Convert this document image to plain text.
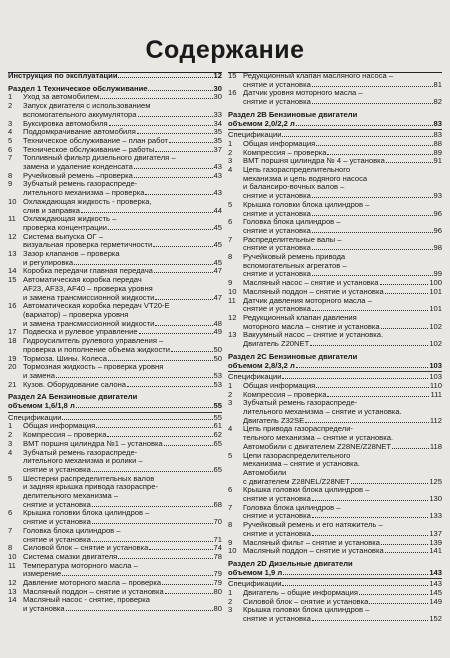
Содержание
Инструкция по эксплуатации	12
Раздел 1 Техническое обслуживание	30
1	Уход за автомобилем	30
2	Запуск двигателя с использованием
вспомогательного аккумулятора	33
3	Буксировка автомобиля	34
4	Поддомкрачивание автомобиля	35
5	Техническое обслуживание – план работ	35
6	Техническое обслуживание – работы	37
7	Топливный фильтр дизельного двигателя –
замена и удаление конденсата	43
8	Ручейковый ремень –проверка	43
9	Зубчатый ремень газораспреде-
лительного механизма – проверка	43
10 Охлаждающая жидкость - проверка,
слив и заправка	44
11 Охлаждающая жидкость –
проверка концентрации	45
12 Система выпуска ОГ –
визуальная проверка герметичности	45
13 Зазор клапанов – проверка
и регулировка	45
14 Коробка передачи главная передача	47
15 Автоматическая коробка передач
AF23, AF33, AF40 – проверка уровня
и замена трансмиссионной жидкости	47
16 Автоматическая коробка передач VT20-E
(вариатор) – проверка уровня
и замена трансмиссионной жидкости	48
17 Подвеска и рулевое управление	49
18 Гидроусилитель рулевого управления –
проверка и пополнение объема жидкости	50
19 Тормоза. Шины. Колеса	50
20 Тормозная жидкость – проверка уровня
и замена	53
21 Кузов. Оборудование салона	53
Раздел 2А Бензиновые двигатели
объемом 1,6/1,8 л	55
Спецификации	55
1	Общая информация	61
2	Компрессия – проверка	62
3	ВМТ поршня цилиндра №1 – установка	65
4	Зубчатый ремень газораспреде-
лительного механизма и ролики –
снятие и установка	65
5	Шестерни распределительных валов
и задняя крышка привода газораспре-
делительного механизма –
снятие и установка	68
6	Крышка головки блока цилиндров –
снятие и установка	70
7	Головка блока цилиндров –
снятие и установка	71
8	Силовой блок – снятие и установка	74
10 Система смазки двигателя	78
11 Температура моторного масла –
измерение	79
12 Давление моторного масла – проверка	79
13 Масляный поддон – снятие и установка	80
14 Масляный насос - снятие, проверка
и установка	80
15 Редукционный клапан масляного насоса –
снятие и установка	81
16 Датчик уровня моторного масла –
снятие и установка	82
Раздел 2В Бензиновые двигатели
объемом 2,0/2,2 л	83
Спецификации	83
1	Общая информация	88
2	Компрессия – проверка	89
3	ВМТ поршня цилиндра № 4 – установка	91
4	Цепь газораспределительного
механизма и цепь водяного насоса
и балансиро-вочных валов –
снятие и установка	93
5	Крышка головки блока цилиндров –
снятие и установка	96
6	Головка блока цилиндров –
снятие и установка	96
7	Распределительные валы –
снятие и установка	98
8	Ручейковый ремень привода
вспомогательных агрегатов –
снятие и установка	99
9	Масляный насос – снятие и установка	100
10 Масляный поддон – снятие и установка	101
11 Датчик давления моторного масла –
снятие и установка	101
12 Редукционный клапан давления
моторного масла – снятие и установка	102
13 Вакуумный насос – снятие и установка.
Двигатель Z20NET	102
Раздел 2С Бензиновые двигатели
объемом 2,8/3,2 л	103
Спецификации	103
1	Общая информация	110
2	Компрессия – проверка	111
3	Зубчатый ремень газораспреде-
лительного механизма – снятие и установка.
Двигатель Z32SE	112
4	Цепь привода газораспредели-
тельного механизма – снятие и установка.
Автомобили с двигателем Z28NE/Z28NET	118
5	Цепи газораспределительного
механизма – снятие и установка.
Автомобили
с двигателем Z28NEL/Z28NET	125
6	Крышка головки блока цилиндров –
снятие и установка	130
7	Головка блока цилиндров –
снятие и установка	133
8	Ручейковый ремень и его натяжитель –
снятие и установка	137
9	Масляный фильт – снятие и установка	139
10 Масляный поддон – снятие и установка	141
Раздел 2D Дизельные двигатели
объемом 1,9 л	143
Спецификации	143
1	Двигатель – общие информация	145
2	Силовой блок – снятие и установка	149
3	Крышка головки блока цилиндров –
снятие и установка	152
